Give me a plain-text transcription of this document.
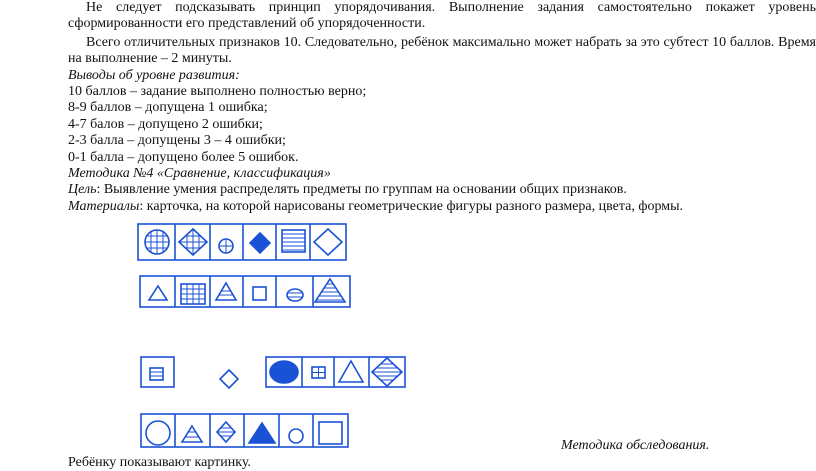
Не следует подсказывать принцип упорядочивания. Выполнение задания самостоятельно покажет уровень

сформированности его представлений об упорядоченности.

Всего отличительных признаков 10. Следовательно, ребёнок максимально может набрать за это субтест 10 баллов. Время

на выполнение – 2 минуты.

Выводы об уровне развития:

10 баллов – задание выполнено полностью верно;

8-9 баллов – допущена 1 ошибка;

4-7 балов – допущено 2 ошибки;

2-3 балла – допущены 3 – 4 ошибки;

0-1 балла – допущено более 5 ошибок.

Методика №4 «Сравнение, классификация»

Цель: Выявление умения распределять предметы по группам на основании общих признаков.

Материалы: карточка, на которой нарисованы геометрические фигуры разного размера, цвета, формы.

Методика обследования.
Ребёнку показывают картинку.
